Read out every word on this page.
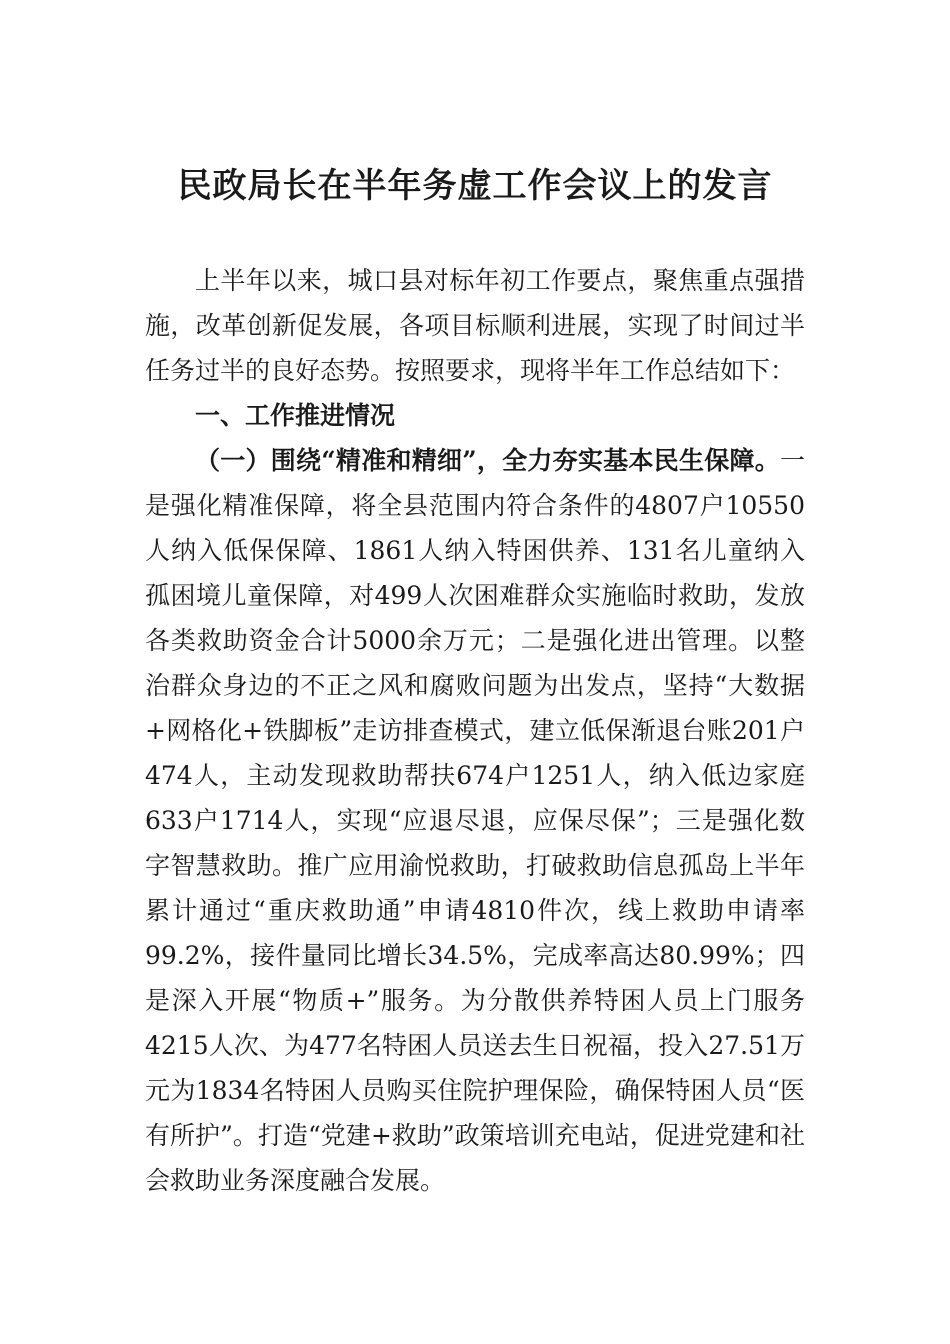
民政局长在半年务虚工作会议上的发言

上半年以来，城口县对标年初工作要点，聚焦重点强措施，改革创新促发展，各项目标顺利进展，实现了时间过半任务过半的良好态势。按照要求，现将半年工作总结如下：

一、工作推进情况

（一）围绕“精准和精细”，全力夯实基本民生保障。一是强化精准保障，将全县范围内符合条件的4807户10550人纳入低保保障、1861人纳入特困供养、131名儿童纳入孤困境儿童保障，对499人次困难群众实施临时救助，发放各类救助资金合计5000余万元；二是强化进出管理。以整治群众身边的不正之风和腐败问题为出发点，坚持“大数据+网格化+铁脚板”走访排查模式，建立低保渐退台账201户474人，主动发现救助帮扶674户1251人，纳入低边家庭633户1714人，实现“应退尽退，应保尽保”；三是强化数字智慧救助。推广应用渝悦救助，打破救助信息孤岛上半年累计通过“重庆救助通”申请4810件次，线上救助申请率99.2%，接件量同比增长34.5%，完成率高达80.99%；四是深入开展“物质+”服务。为分散供养特困人员上门服务4215人次、为477名特困人员送去生日祝福，投入27.51万元为1834名特困人员购买住院护理保险，确保特困人员“医有所护”。打造“党建+救助”政策培训充电站，促进党建和社会救助业务深度融合发展。
